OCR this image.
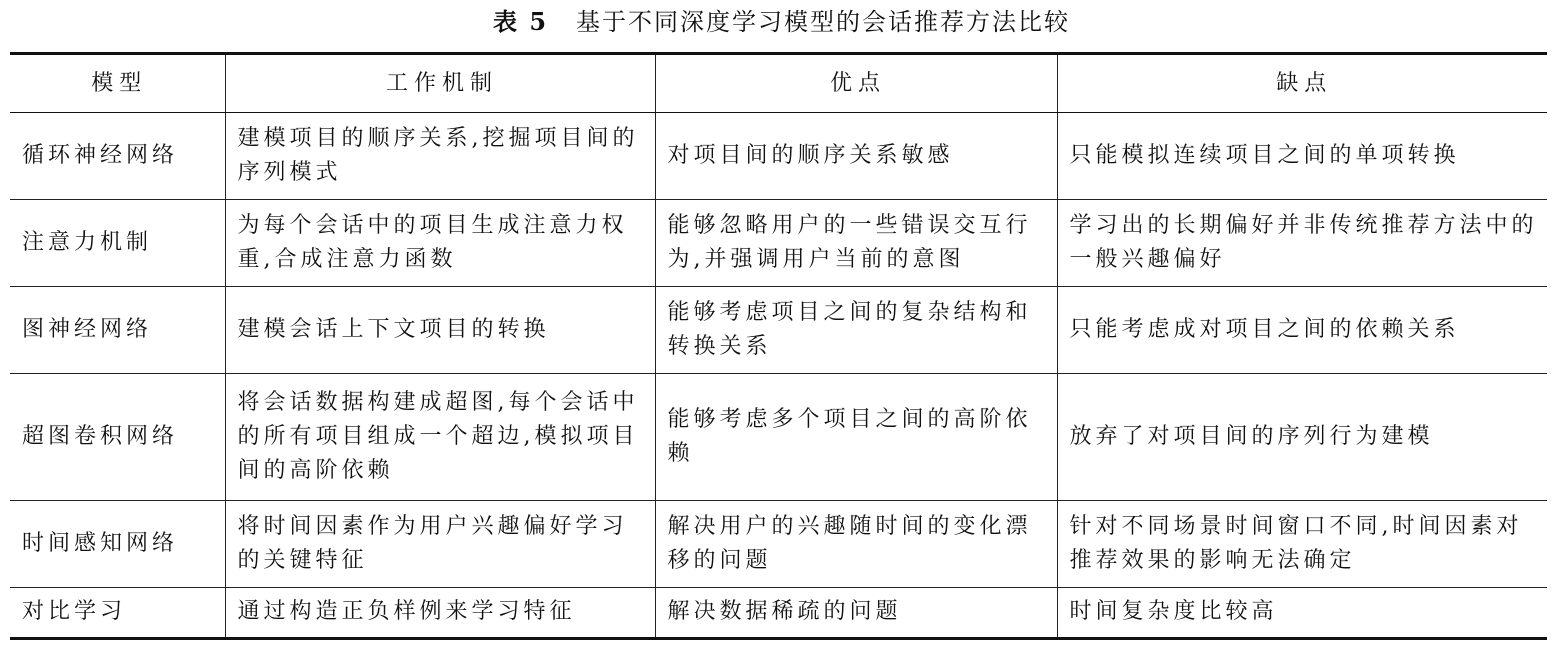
表 5 基于不同深度学习模型的会话推荐方法比较
模型	工作机制	优点	缺点
循环神经网络	建模项目的顺序关系,挖掘项目间的序列模式	对项目间的顺序关系敏感	只能模拟连续项目之间的单项转换
注意力机制	为每个会话中的项目生成注意力权重,合成注意力函数	能够忽略用户的一些错误交互行为,并强调用户当前的意图	学习出的长期偏好并非传统推荐方法中的一般兴趣偏好
图神经网络	建模会话上下文项目的转换	能够考虑项目之间的复杂结构和转换关系	只能考虑成对项目之间的依赖关系
超图卷积网络	将会话数据构建成超图,每个会话中的所有项目组成一个超边,模拟项目间的高阶依赖	能够考虑多个项目之间的高阶依赖	放弃了对项目间的序列行为建模
时间感知网络	将时间因素作为用户兴趣偏好学习的关键特征	解决用户的兴趣随时间的变化漂移的问题	针对不同场景时间窗口不同,时间因素对推荐效果的影响无法确定
对比学习	通过构造正负样例来学习特征	解决数据稀疏的问题	时间复杂度比较高
